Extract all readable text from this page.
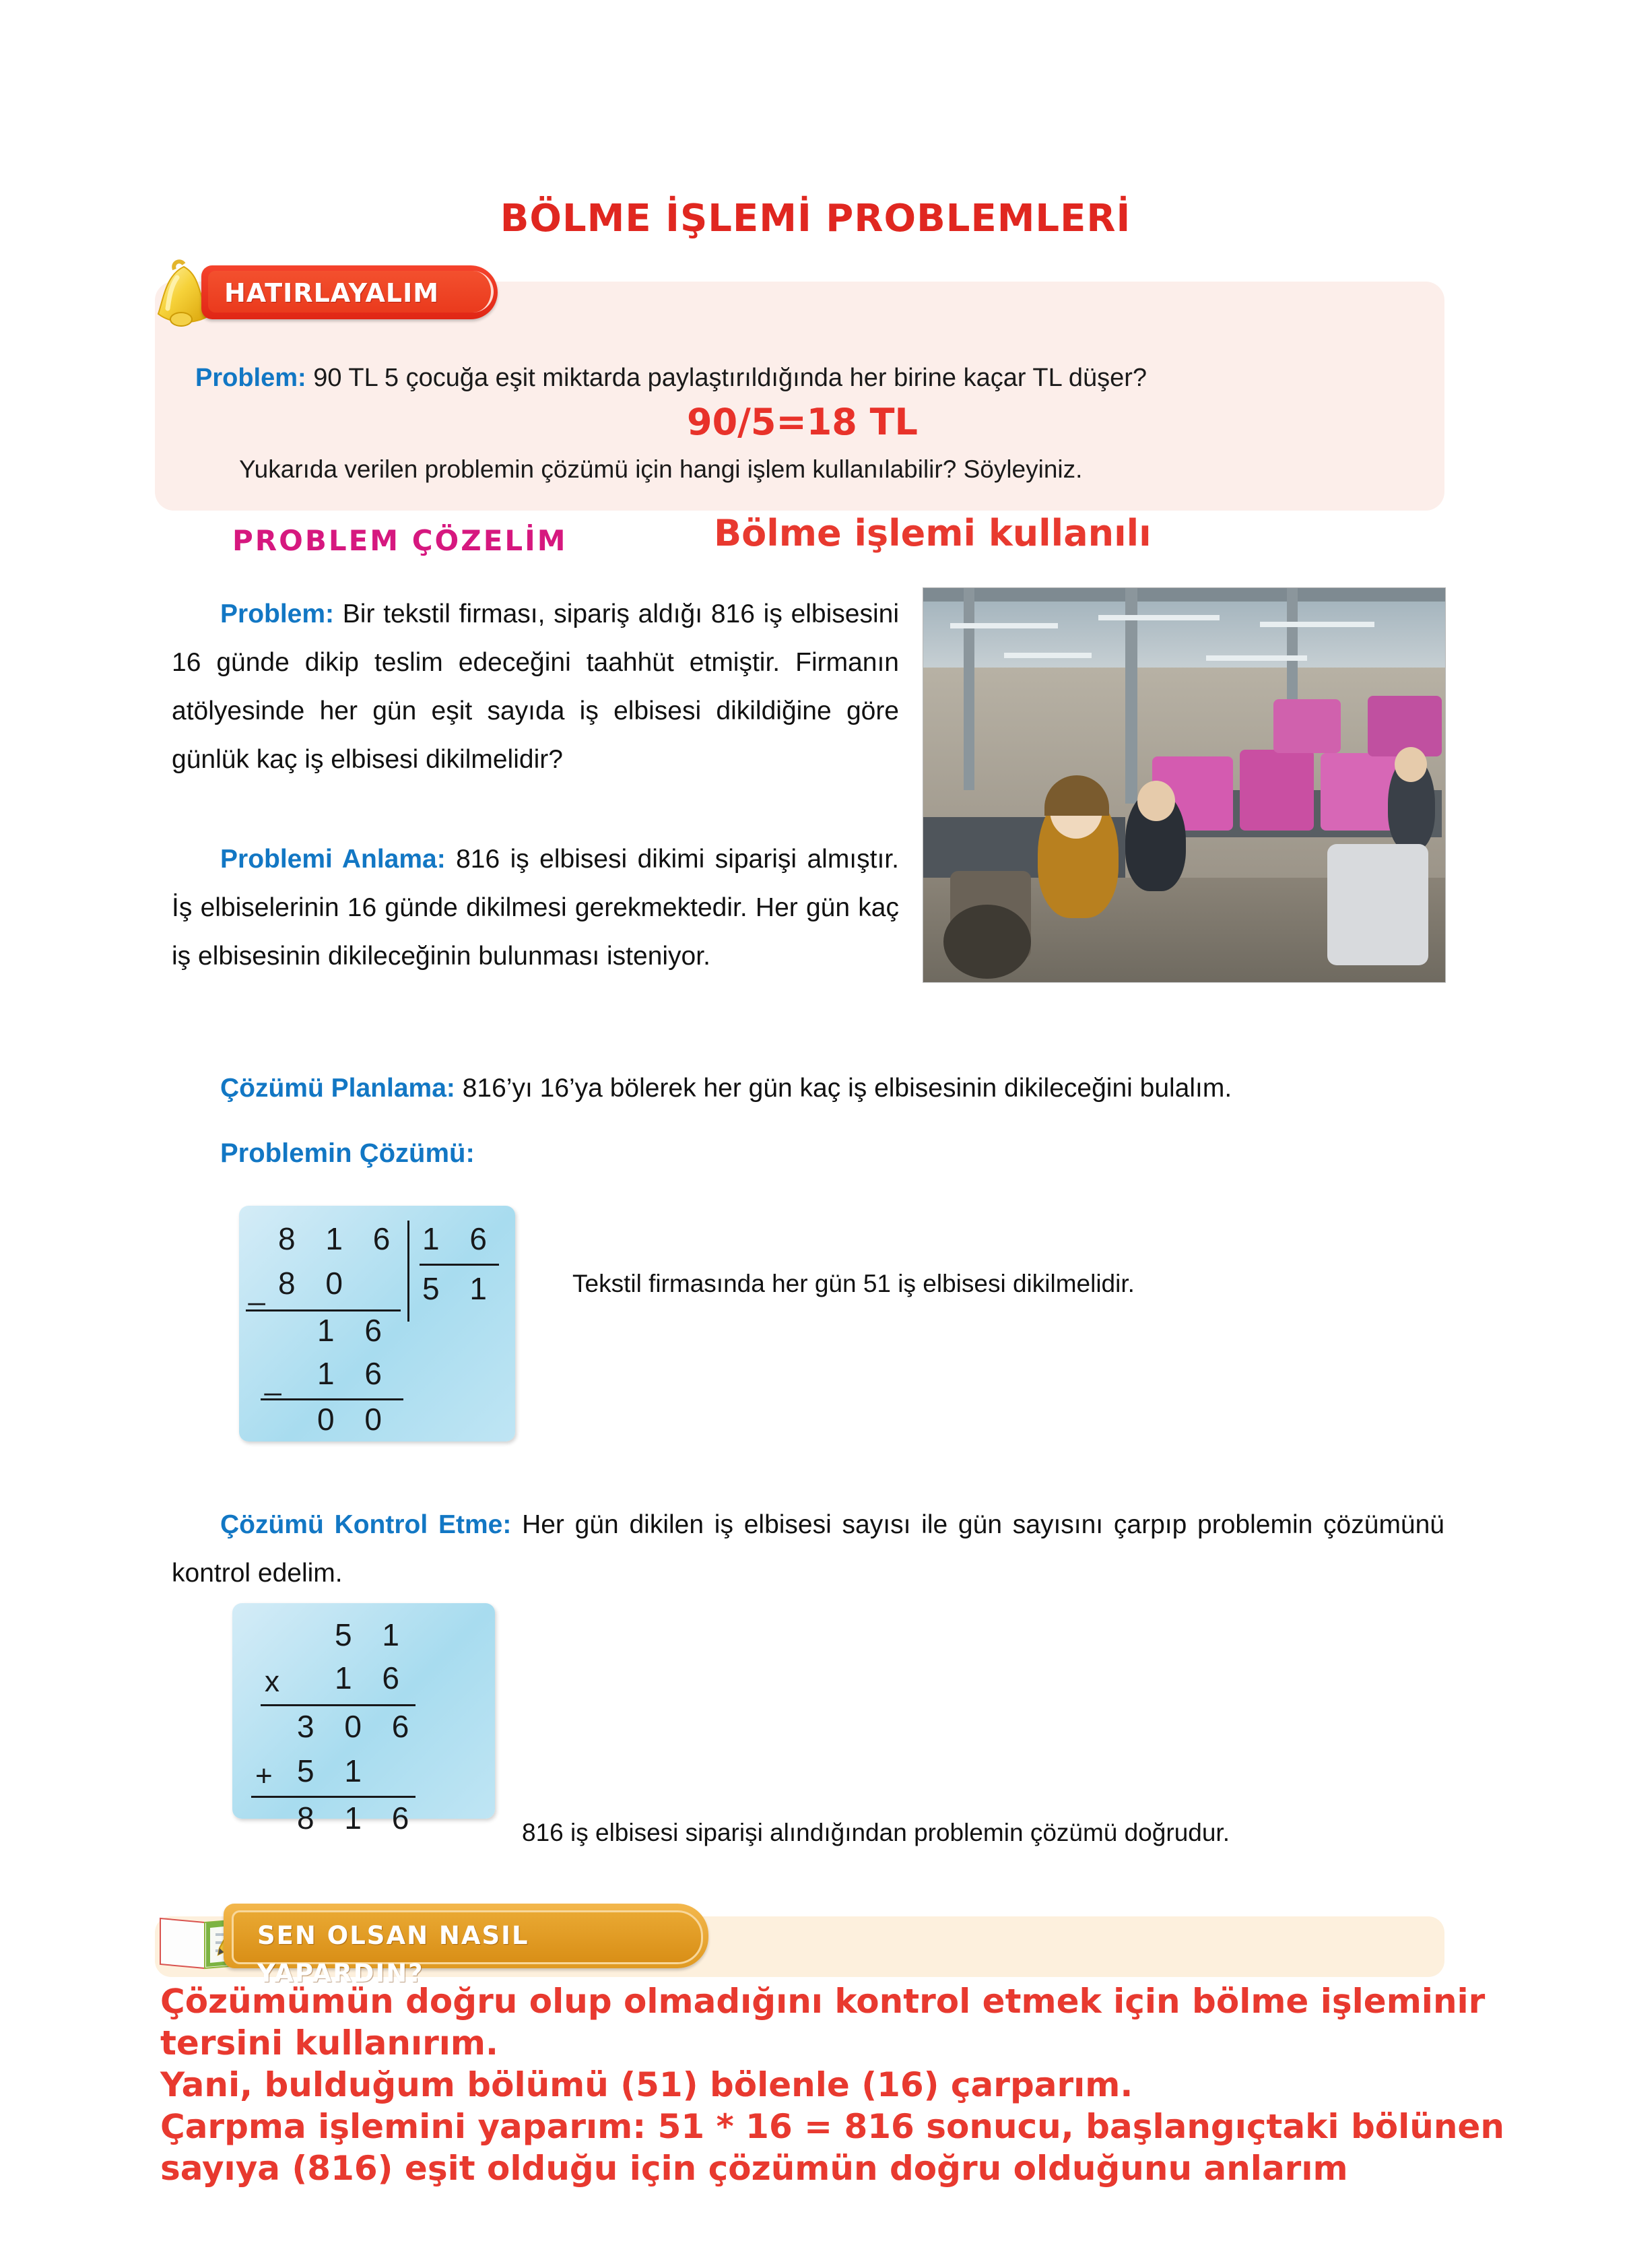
BÖLME İŞLEMİ PROBLEMLERİ
HATIRLAYALIM
Problem: 90 TL 5 çocuğa eşit miktarda paylaştırıldığında her birine kaçar TL düşer?
90/5=18 TL
Yukarıda verilen problemin çözümü için hangi işlem kullanılabilir? Söyleyiniz.
PROBLEM ÇÖZELİM	Bölme işlemi kullanılı
Problem: Bir tekstil firması, sipariş aldığı 816 iş elbisesini 16 günde dikip teslim edeceğini taahhüt etmiştir. Firmanın atölyesinde her gün eşit sayıda iş elbisesi dikildiğine göre günlük kaç iş elbisesi dikilmelidir?
Problemi Anlama: 816 iş elbisesi dikimi siparişi almıştır. İş elbiselerinin 16 günde dikilmesi gerekmektedir. Her gün kaç iş elbisesinin dikileceğinin bulunması isteniyor.
Çözümü Planlama: 816’yı 16’ya bölerek her gün kaç iş elbisesinin dikileceğini bulalım.
Problemin Çözümü:
8 1 6 1 6
5 1
_ 8 0
1 6
_ 1 6
0 0
Tekstil firmasında her gün 51 iş elbisesi dikilmelidir.
Çözümü Kontrol Etme: Her gün dikilen iş elbisesi sayısı ile gün sayısını çarpıp problemin çözümünü kontrol edelim.
5 1
x 1 6
3 0 6
+ 5 1
8 1 6	816 iş elbisesi siparişi alındığından problemin çözümü doğrudur.
SEN OLSAN NASIL YAPARDIN?
Çözümümün doğru olup olmadığını kontrol etmek için bölme işleminir
tersini kullanırım.
Yani, bulduğum bölümü (51) bölenle (16) çarparım.
Çarpma işlemini yaparım: 51 * 16 = 816 sonucu, başlangıçtaki bölünen
sayıya (816) eşit olduğu için çözümün doğru olduğunu anlarım
